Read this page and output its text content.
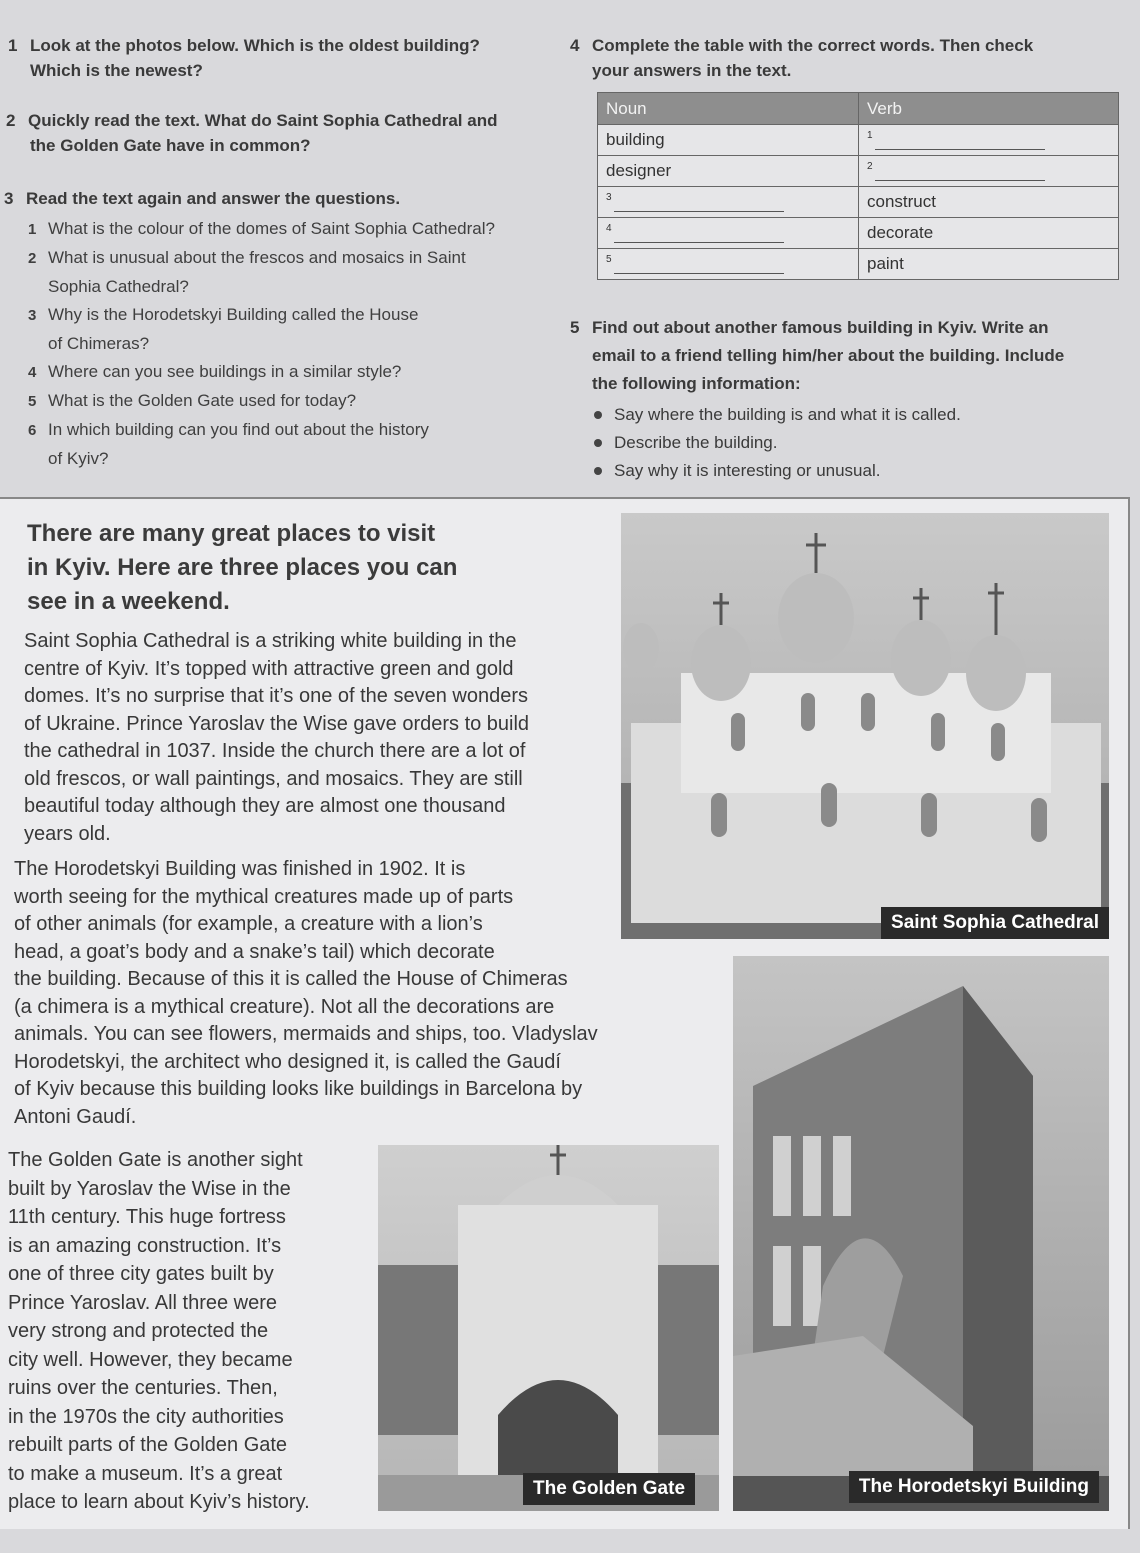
1 Look at the photos below. Which is the oldest building?
Which is the newest?
2 Quickly read the text. What do Saint Sophia Cathedral and
the Golden Gate have in common?
3 Read the text again and answer the questions.
1 What is the colour of the domes of Saint Sophia Cathedral?
2 What is unusual about the frescos and mosaics in Saint
Sophia Cathedral?
3 Why is the Horodetskyi Building called the House
of Chimeras?
4 Where can you see buildings in a similar style?
5 What is the Golden Gate used for today?
6 In which building can you find out about the history
of Kyiv?
4 Complete the table with the correct words. Then check
your answers in the text.
Noun	Verb
building	$^1$
designer	$^2$
$^3$	construct
$^4$	decorate
$^5$	paint
5 Find out about another famous building in Kyiv. Write an
email to a friend telling him/her about the building. Include
the following information:
Say where the building is and what it is called.
Describe the building.
Say why it is interesting or unusual.
Saint Sophia Cathedral
The Horodetskyi Building
The Golden Gate
There are many great places to visit
in Kyiv. Here are three places you can
see in a weekend.
Saint Sophia Cathedral is a striking white building in the
centre of Kyiv. It’s topped with attractive green and gold
domes. It’s no surprise that it’s one of the seven wonders
of Ukraine. Prince Yaroslav the Wise gave orders to build
the cathedral in 1037. Inside the church there are a lot of
old frescos, or wall paintings, and mosaics. They are still
beautiful today although they are almost one thousand
years old.
The Horodetskyi Building was finished in 1902. It is
worth seeing for the mythical creatures made up of parts
of other animals (for example, a creature with a lion’s
head, a goat’s body and a snake’s tail) which decorate
the building. Because of this it is called the House of Chimeras
(a chimera is a mythical creature). Not all the decorations are
animals. You can see flowers, mermaids and ships, too. Vladyslav
Horodetskyi, the architect who designed it, is called the Gaudí
of Kyiv because this building looks like buildings in Barcelona by
Antoni Gaudí.
The Golden Gate is another sight
built by Yaroslav the Wise in the
11th century. This huge fortress
is an amazing construction. It’s
one of three city gates built by
Prince Yaroslav. All three were
very strong and protected the
city well. However, they became
ruins over the centuries. Then,
in the 1970s the city authorities
rebuilt parts of the Golden Gate
to make a museum. It’s a great
place to learn about Kyiv’s history.
